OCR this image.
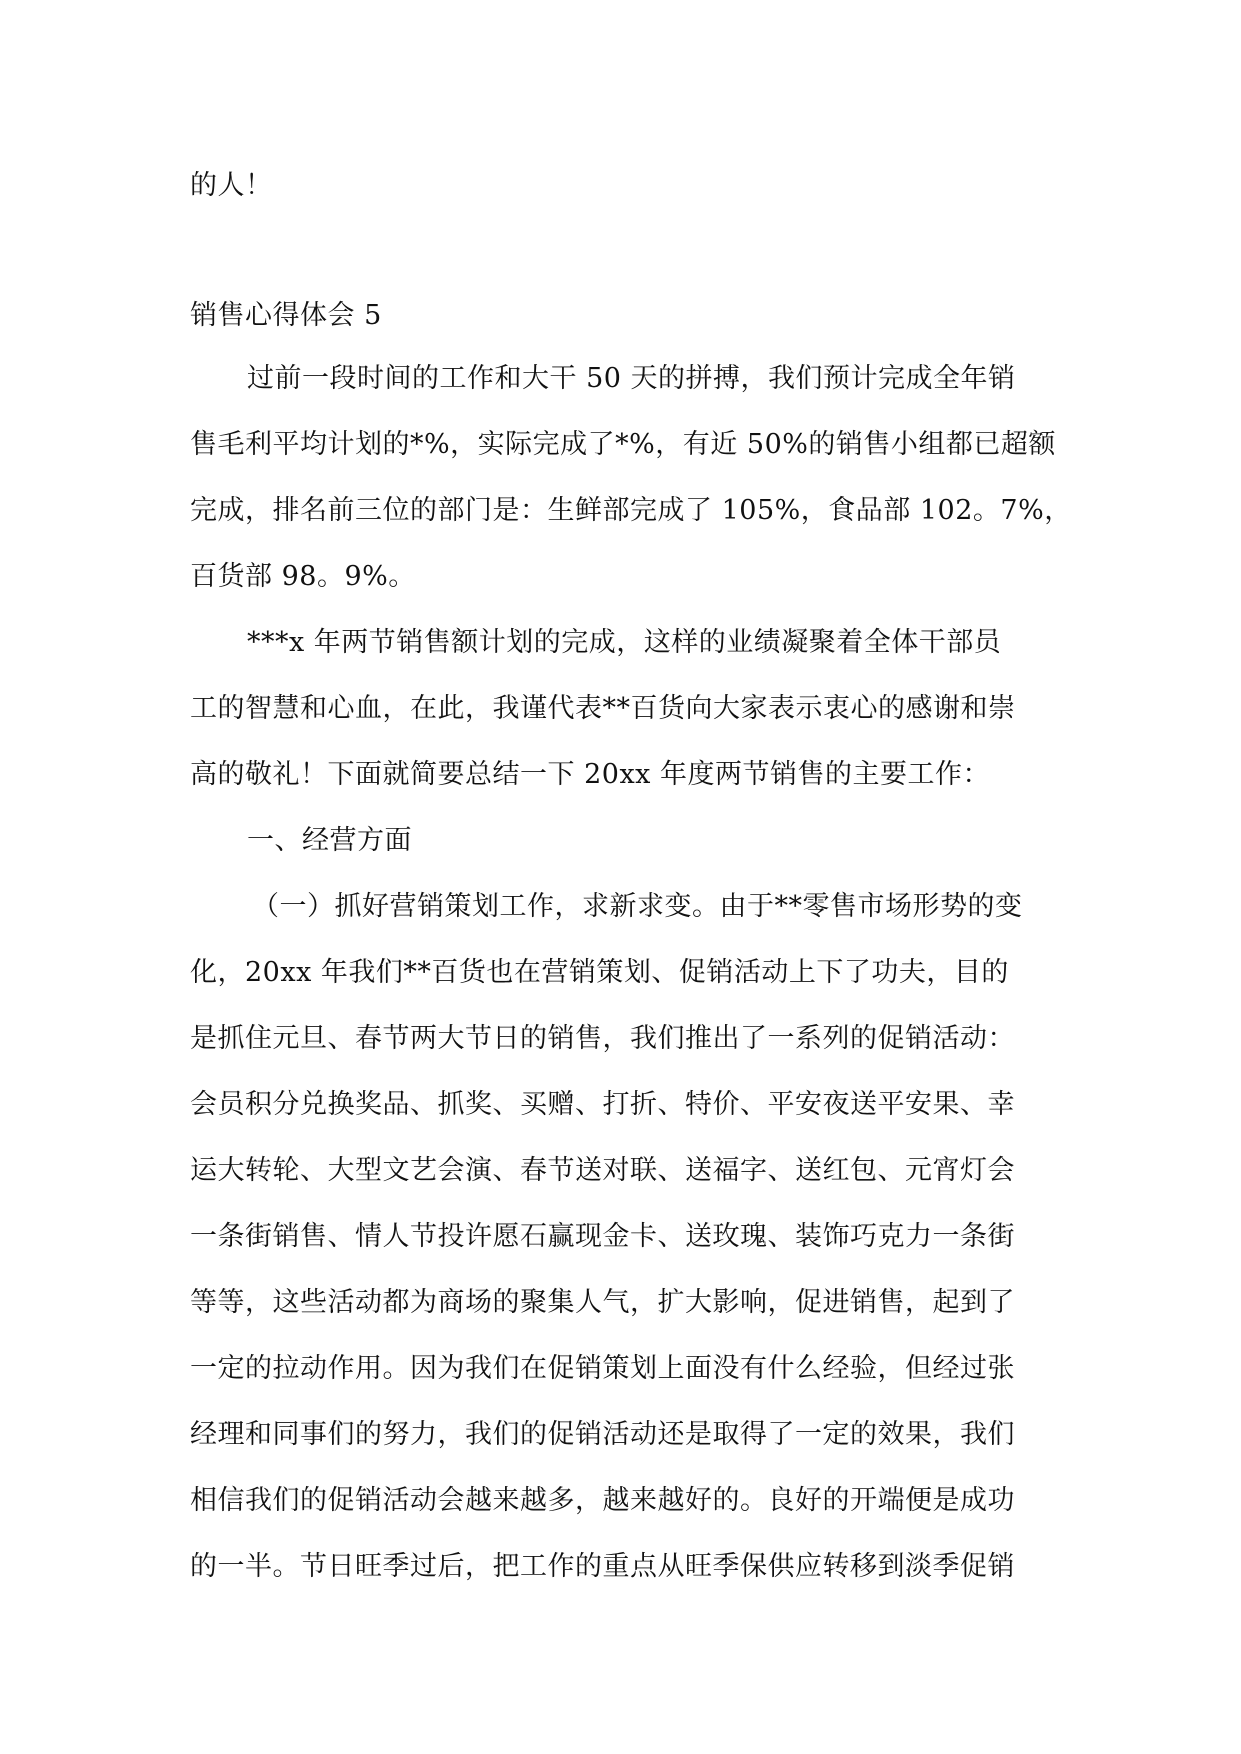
的人！
销售心得体会 5
过前一段时间的工作和大干 50 天的拼搏，我们预计完成全年销
售毛利平均计划的*%，实际完成了*%，有近 50%的销售小组都已超额
完成，排名前三位的部门是：生鲜部完成了 105%，食品部 102。7%，
百货部 98。9%。
***x 年两节销售额计划的完成，这样的业绩凝聚着全体干部员
工的智慧和心血，在此，我谨代表**百货向大家表示衷心的感谢和崇
高的敬礼！下面就简要总结一下 20xx 年度两节销售的主要工作：
一、经营方面
（一）抓好营销策划工作，求新求变。由于**零售市场形势的变
化，20xx 年我们**百货也在营销策划、促销活动上下了功夫，目的
是抓住元旦、春节两大节日的销售，我们推出了一系列的促销活动：
会员积分兑换奖品、抓奖、买赠、打折、特价、平安夜送平安果、幸
运大转轮、大型文艺会演、春节送对联、送福字、送红包、元宵灯会
一条街销售、情人节投许愿石赢现金卡、送玫瑰、装饰巧克力一条街
等等，这些活动都为商场的聚集人气，扩大影响，促进销售，起到了
一定的拉动作用。因为我们在促销策划上面没有什么经验，但经过张
经理和同事们的努力，我们的促销活动还是取得了一定的效果，我们
相信我们的促销活动会越来越多，越来越好的。良好的开端便是成功
的一半。节日旺季过后，把工作的重点从旺季保供应转移到淡季促销
